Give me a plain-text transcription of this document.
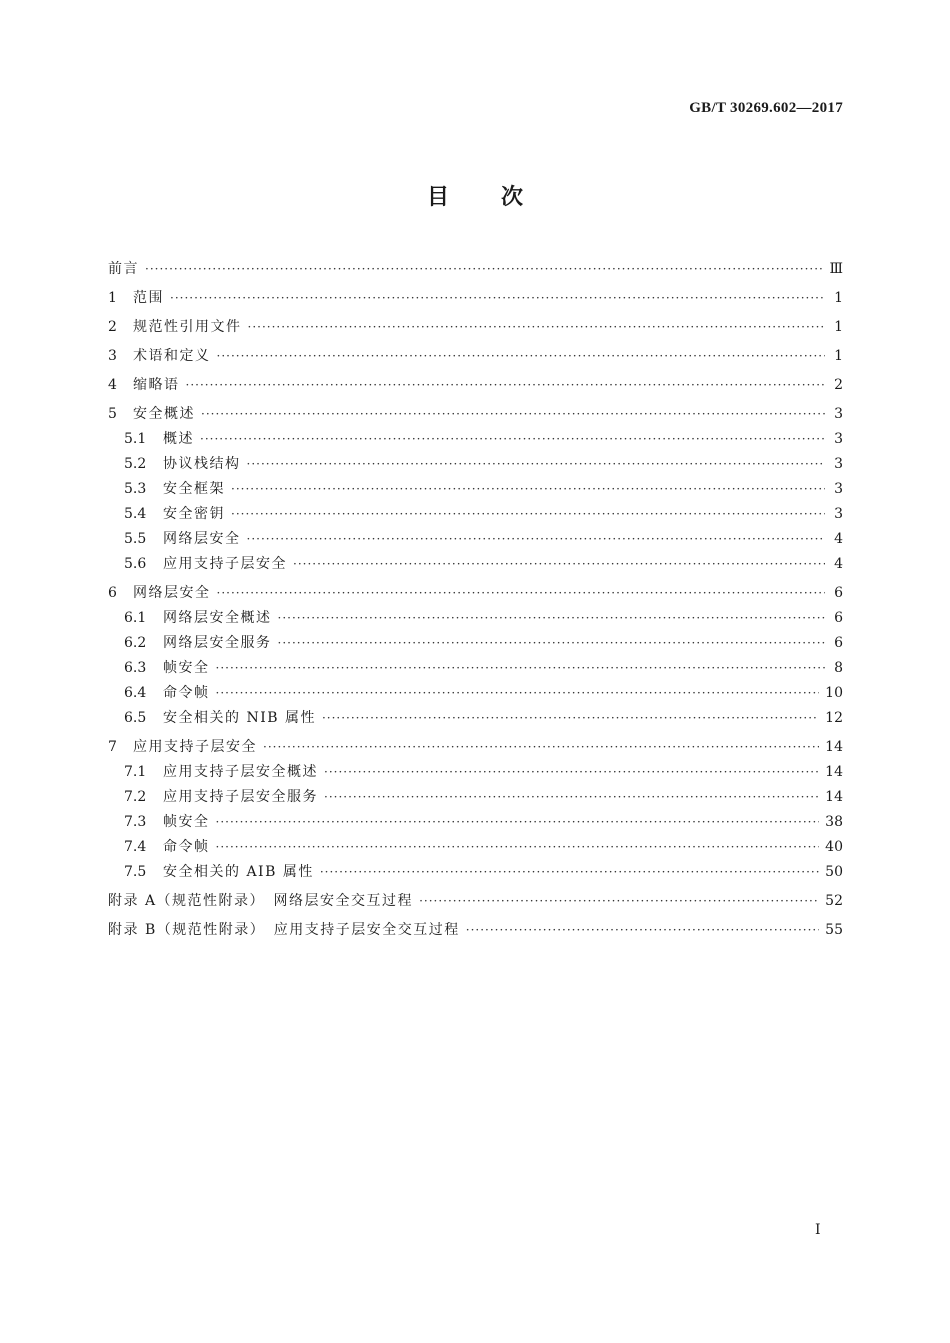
GB/T 30269.602—2017
目次
前言 ·····	Ⅲ
1	范围 ·····	1
2	规范性引用文件 ·····	1
3	术语和定义 ·····	1
4	缩略语 ·····	2
5	安全概述 ·····	3
5.1	概述 ·····	3
5.2	协议栈结构 ·····	3
5.3	安全框架 ·····	3
5.4	安全密钥 ·····	3
5.5	网络层安全 ·····	4
5.6	应用支持子层安全 ·····	4
6	网络层安全 ·····	6
6.1	网络层安全概述 ·····	6
6.2	网络层安全服务 ·····	6
6.3	帧安全 ·····	8
6.4	命令帧 ·····	10
6.5	安全相关的 NIB 属性 ·····	12
7	应用支持子层安全 ·····	14
7.1	应用支持子层安全概述 ·····	14
7.2	应用支持子层安全服务 ·····	14
7.3	帧安全 ·····	38
7.4	命令帧 ·····	40
7.5	安全相关的 AIB 属性 ·····	50
附录 A（规范性附录）　网络层安全交互过程 ·····	52
附录 B（规范性附录）　应用支持子层安全交互过程 ·····	55
Ⅰ
